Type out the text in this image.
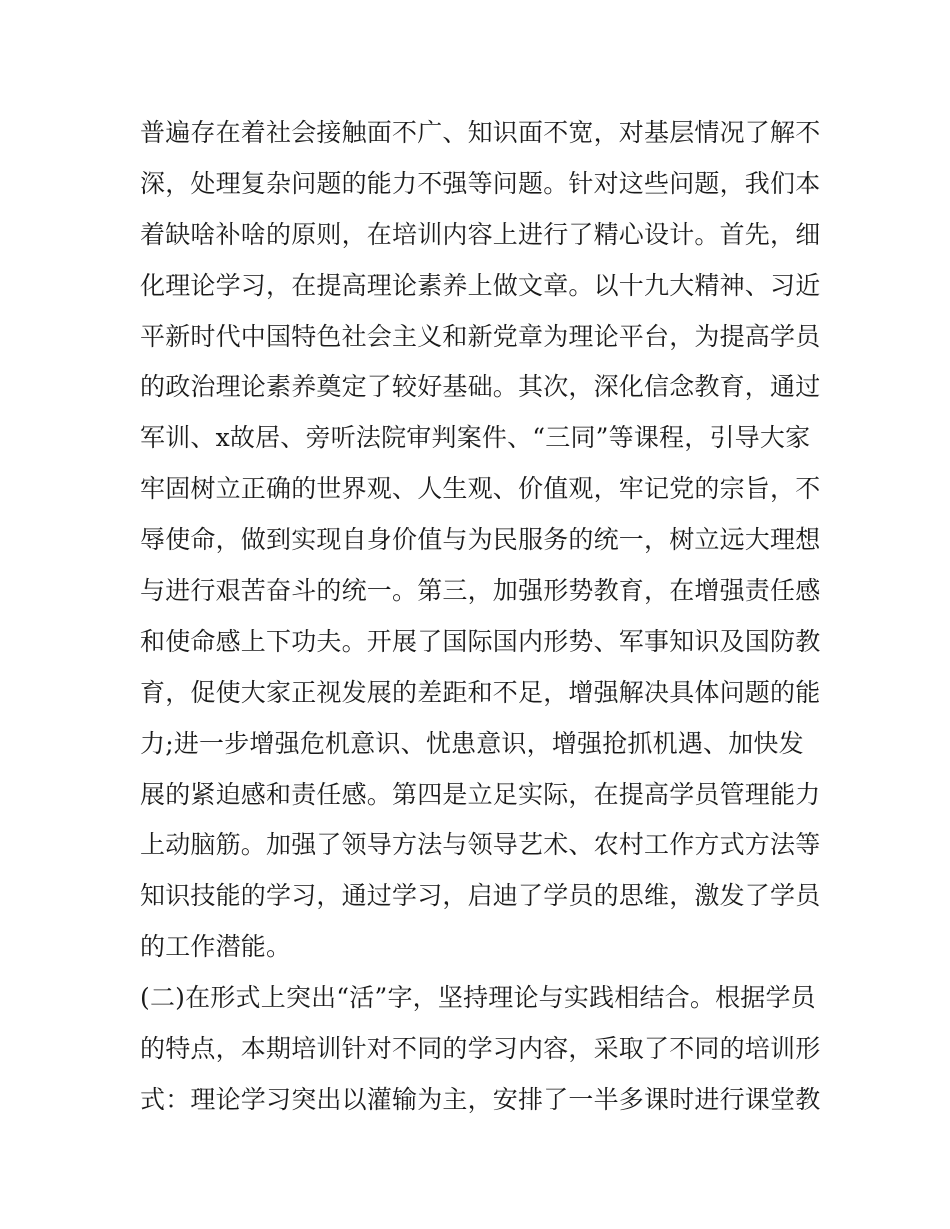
普遍存在着社会接触面不广、知识面不宽，对基层情况了解不
深，处理复杂问题的能力不强等问题。针对这些问题，我们本
着缺啥补啥的原则，在培训内容上进行了精心设计。首先，细
化理论学习，在提高理论素养上做文章。以十九大精神、习近
平新时代中国特色社会主义和新党章为理论平台，为提高学员
的政治理论素养奠定了较好基础。其次，深化信念教育，通过
军训、x故居、旁听法院审判案件、“三同”等课程，引导大家
牢固树立正确的世界观、人生观、价值观，牢记党的宗旨，不
辱使命，做到实现自身价值与为民服务的统一，树立远大理想
与进行艰苦奋斗的统一。第三，加强形势教育，在增强责任感
和使命感上下功夫。开展了国际国内形势、军事知识及国防教
育，促使大家正视发展的差距和不足，增强解决具体问题的能
力;进一步增强危机意识、忧患意识，增强抢抓机遇、加快发
展的紧迫感和责任感。第四是立足实际，在提高学员管理能力
上动脑筋。加强了领导方法与领导艺术、农村工作方式方法等
知识技能的学习，通过学习，启迪了学员的思维，激发了学员
的工作潜能。
(二)在形式上突出“活”字，坚持理论与实践相结合。根据学员
的特点，本期培训针对不同的学习内容，采取了不同的培训形
式：理论学习突出以灌输为主，安排了一半多课时进行课堂教
